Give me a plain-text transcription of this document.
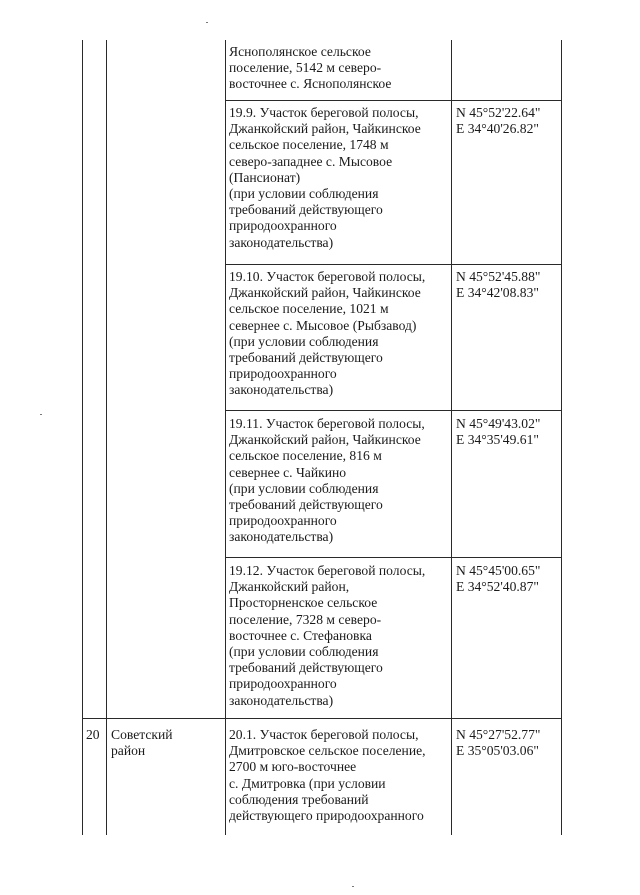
Яснополянское сельское
поселение, 5142 м северо-
восточнее с. Яснополянское
19.9. Участок береговой полосы,
Джанкойский район, Чайкинское
сельское поселение, 1748 м
северо-западнее с. Мысовое
(Пансионат)
(при условии соблюдения
требований действующего
природоохранного
законодательства)
N 45°52'22.64"
E 34°40'26.82"
19.10. Участок береговой полосы,
Джанкойский район, Чайкинское
сельское поселение, 1021 м
севернее с. Мысовое (Рыбзавод)
(при условии соблюдения
требований действующего
природоохранного
законодательства)
N 45°52'45.88"
E 34°42'08.83"
19.11. Участок береговой полосы,
Джанкойский район, Чайкинское
сельское поселение, 816 м
севернее с. Чайкино
(при условии соблюдения
требований действующего
природоохранного
законодательства)
N 45°49'43.02"
E 34°35'49.61"
19.12. Участок береговой полосы,
Джанкойский район,
Просторненское сельское
поселение, 7328 м северо-
восточнее с. Стефановка
(при условии соблюдения
требований действующего
природоохранного
законодательства)
N 45°45'00.65"
E 34°52'40.87"
20 Советский
район
20.1. Участок береговой полосы,
Дмитровское сельское поселение,
2700 м юго-восточнее
с. Дмитровка (при условии
соблюдения требований
действующего природоохранного
N 45°27'52.77"
E 35°05'03.06"
